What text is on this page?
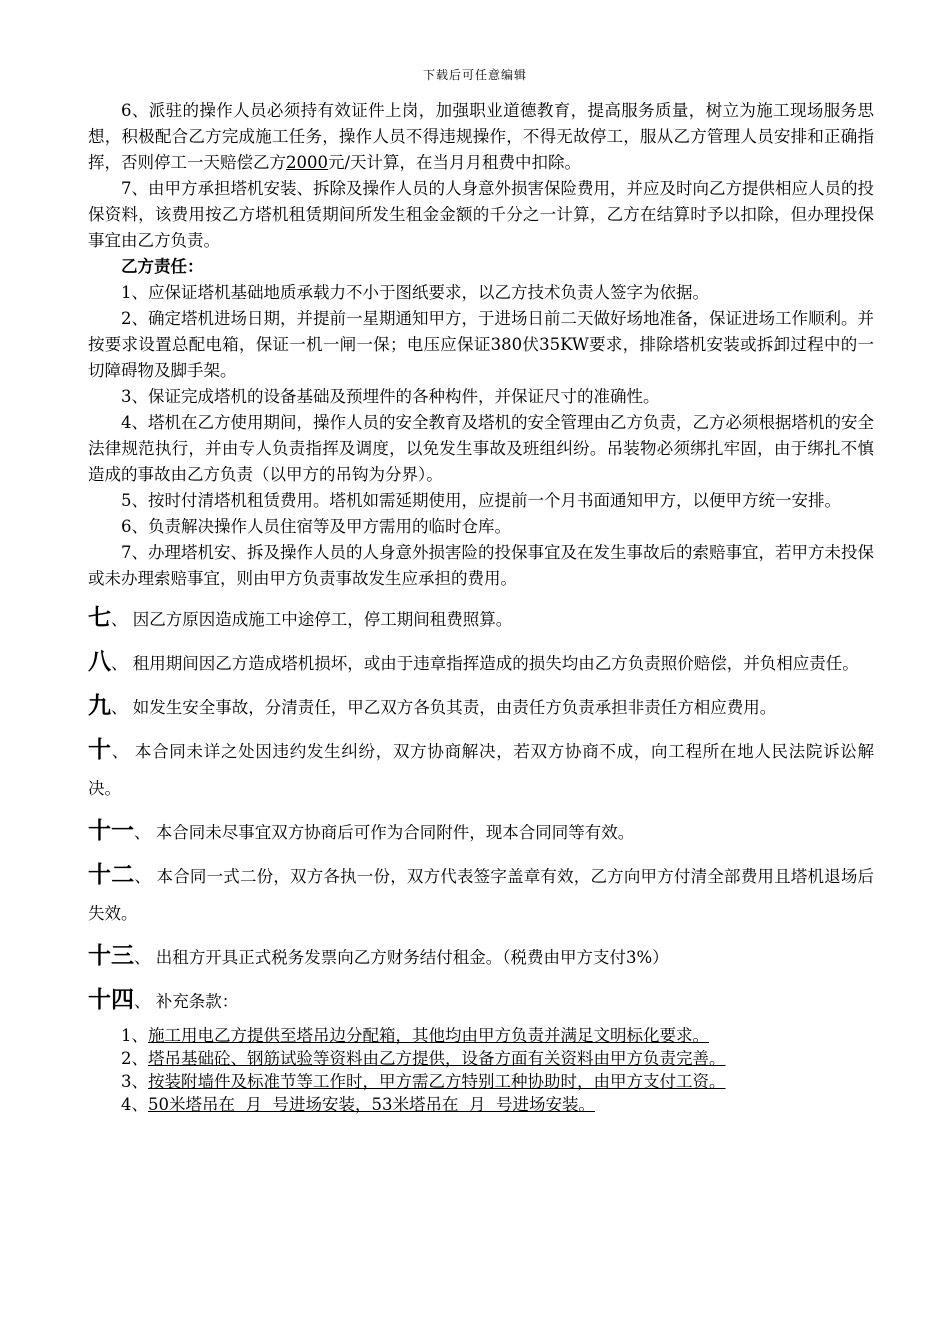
下载后可任意编辑

6、派驻的操作人员必须持有效证件上岗，加强职业道德教育，提高服务质量，树立为施工现场服务思想，积极配合乙方完成施工任务，操作人员不得违规操作，不得无故停工，服从乙方管理人员安排和正确指挥，否则停工一天赔偿乙方2000元/天计算，在当月月租费中扣除。

7、由甲方承担塔机安装、拆除及操作人员的人身意外损害保险费用，并应及时向乙方提供相应人员的投保资料，该费用按乙方塔机租赁期间所发生租金金额的千分之一计算，乙方在结算时予以扣除，但办理投保事宜由乙方负责。

乙方责任：

1、应保证塔机基础地质承载力不小于图纸要求，以乙方技术负责人签字为依据。

2、确定塔机进场日期，并提前一星期通知甲方，于进场日前二天做好场地准备，保证进场工作顺利。并按要求设置总配电箱，保证一机一闸一保；电压应保证380伏35KW要求，排除塔机安装或拆卸过程中的一切障碍物及脚手架。

3、保证完成塔机的设备基础及预埋件的各种构件，并保证尺寸的准确性。

4、塔机在乙方使用期间，操作人员的安全教育及塔机的安全管理由乙方负责，乙方必须根据塔机的安全法律规范执行，并由专人负责指挥及调度，以免发生事故及班组纠纷。吊装物必须绑扎牢固，由于绑扎不慎造成的事故由乙方负责（以甲方的吊钩为分界）。

5、按时付清塔机租赁费用。塔机如需延期使用，应提前一个月书面通知甲方，以便甲方统一安排。

6、负责解决操作人员住宿等及甲方需用的临时仓库。

7、办理塔机安、拆及操作人员的人身意外损害险的投保事宜及在发生事故后的索赔事宜，若甲方未投保或未办理索赔事宜，则由甲方负责事故发生应承担的费用。

七、 因乙方原因造成施工中途停工，停工期间租费照算。

八、 租用期间因乙方造成塔机损坏，或由于违章指挥造成的损失均由乙方负责照价赔偿，并负相应责任。

九、 如发生安全事故，分清责任，甲乙双方各负其责，由责任方负责承担非责任方相应费用。

十、 本合同未详之处因违约发生纠纷，双方协商解决，若双方协商不成，向工程所在地人民法院诉讼解决。

十一、 本合同未尽事宜双方协商后可作为合同附件，现本合同同等有效。

十二、 本合同一式二份，双方各执一份，双方代表签字盖章有效，乙方向甲方付清全部费用且塔机退场后失效。

十三、 出租方开具正式税务发票向乙方财务结付租金。（税费由甲方支付3%）

十四、 补充条款：

1、施工用电乙方提供至塔吊边分配箱，其他均由甲方负责并满足文明标化要求。

2、塔吊基础砼、钢筋试验等资料由乙方提供，设备方面有关资料由甲方负责完善。

3、按装附墙件及标准节等工作时，甲方需乙方特别工种协助时，由甲方支付工资。

4、50米塔吊在  月  号进场安装，53米塔吊在  月  号进场安装。
